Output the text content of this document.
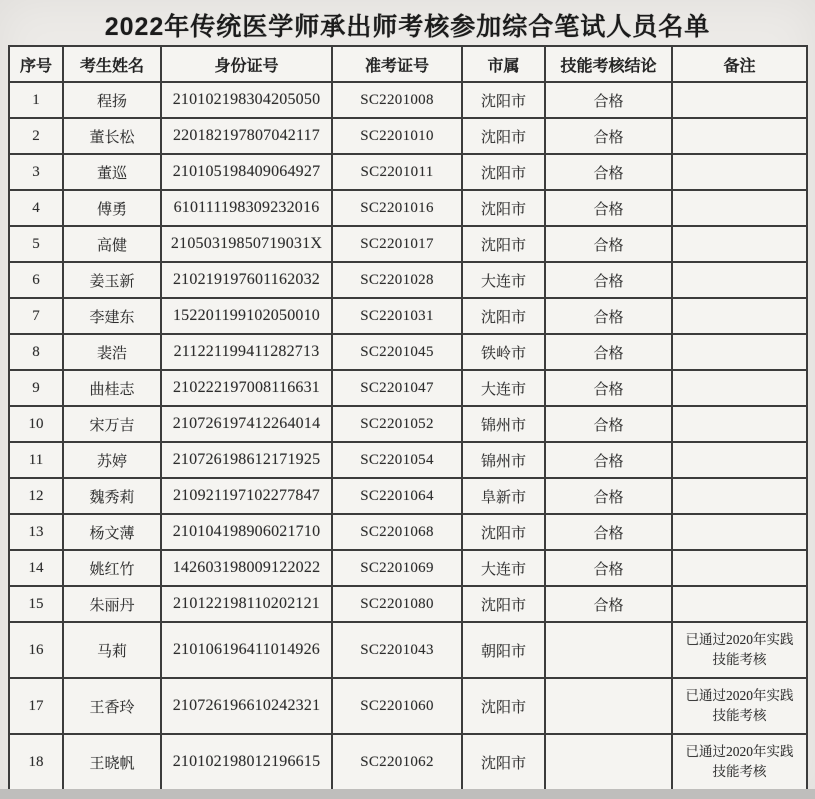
2022年传统医学师承出师考核参加综合笔试人员名单
序号	考生姓名	身份证号	准考证号	市属	技能考核结论	备注
1	程扬	210102198304205050	SC2201008	沈阳市	合格	
2	董长松	220182197807042117	SC2201010	沈阳市	合格	
3	董巡	210105198409064927	SC2201011	沈阳市	合格	
4	傅勇	610111198309232016	SC2201016	沈阳市	合格	
5	高健	21050319850719031X	SC2201017	沈阳市	合格	
6	姜玉新	210219197601162032	SC2201028	大连市	合格	
7	李建东	152201199102050010	SC2201031	沈阳市	合格	
8	裴浩	211221199411282713	SC2201045	铁岭市	合格	
9	曲桂志	210222197008116631	SC2201047	大连市	合格	
10	宋万吉	210726197412264014	SC2201052	锦州市	合格	
11	苏婷	210726198612171925	SC2201054	锦州市	合格	
12	魏秀莉	210921197102277847	SC2201064	阜新市	合格	
13	杨文薄	210104198906021710	SC2201068	沈阳市	合格	
14	姚红竹	142603198009122022	SC2201069	大连市	合格	
15	朱丽丹	210122198110202121	SC2201080	沈阳市	合格	
16	马莉	210106196411014926	SC2201043	朝阳市		已通过2020年实践技能考核
17	王香玲	210726196610242321	SC2201060	沈阳市		已通过2020年实践技能考核
18	王晓帆	210102198012196615	SC2201062	沈阳市		已通过2020年实践技能考核
